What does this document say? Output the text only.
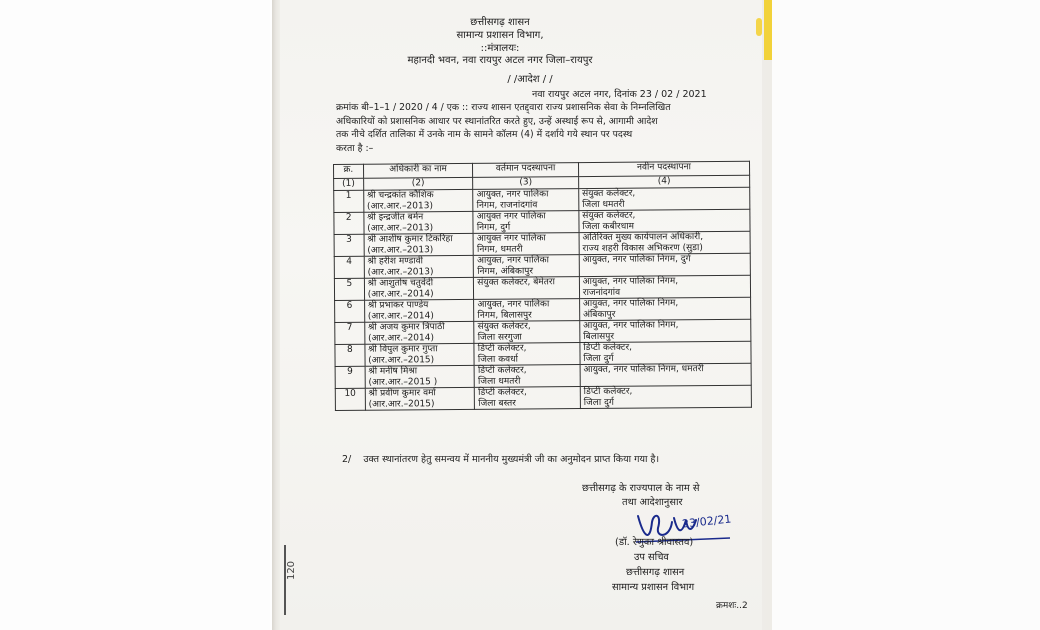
120
छत्तीसगढ़ शासन
सामान्य प्रशासन विभाग,
::मंत्रालयः:
महानदी भवन, नवा रायपुर अटल नगर जिला–रायपुर
/ /आदेश / /
नवा रायपुर अटल नगर, दिनांक 23 / 02 / 2021
क्रमांक बी–1–1 / 2020 / 4 / एक :: राज्य शासन एतद्द्वारा राज्य प्रशासनिक सेवा के निम्नलिखित
अधिकारियों को प्रशासनिक आधार पर स्थानांतरित करते हुए, उन्हें अस्थाई रूप से, आगामी आदेश
तक नीचे दर्शित तालिका में उनके नाम के सामने कॉलम (4) में दर्शाये गये स्थान पर पदस्थ
करता है :–
क्र.	अधिकारी का नाम	वर्तमान पदस्थापना	नवीन पदस्थापना
(1)	(2)	(3)	(4)
1	श्री चन्द्रकांत कौशिक
(आर.आर.–2013)	आयुक्त, नगर पालिका
निगम, राजनांदगांव	संयुक्त कलेक्टर,
जिला धमतरी

2	श्री इन्द्रजीत बर्मन
(आर.आर.–2013)	आयुक्त नगर पालिका
निगम, दुर्ग	संयुक्त कलेक्टर,
जिला कबीरधाम

3	श्री आशीष कुमार टिकरिहा
(आर.आर.–2013)	आयुक्त नगर पालिका
निगम, धमतरी	अतिरिक्त मुख्य कार्यपालन अधिकारी,
राज्य शहरी विकास अभिकरण (सुडा)

4	श्री हरीश मण्डावी
(आर.आर.–2013)	आयुक्त, नगर पालिका
निगम, अंबिकापुर	आयुक्त, नगर पालिका निगम, दुर्ग

5	श्री आशुतोष चतुर्वेदी
(आर.आर.–2014)	संयुक्त कलेक्टर, बेमेतरा	आयुक्त, नगर पालिका निगम,
राजनांदगांव

6	श्री प्रभाकर पाण्डेय
(आर.आर.–2014)	आयुक्त, नगर पालिका
निगम, बिलासपुर	आयुक्त, नगर पालिका निगम,
अंबिकापुर

7	श्री अजय कुमार त्रिपाठी
(आर.आर.–2014)	संयुक्त कलेक्टर,
जिला सरगुजा	आयुक्त, नगर पालिका निगम,
बिलासपुर

8	श्री विपुल कुमार गुप्ता
(आर.आर.–2015)	डिप्टी कलेक्टर,
जिला कवर्धा	डिप्टी कलेक्टर,
जिला दुर्ग

9	श्री मनीष मिश्रा
(आर.आर.–2015 )	डिप्टी कलेक्टर,
जिला धमतरी	आयुक्त, नगर पालिका निगम, धमतरी

10	श्री प्रवीण कुमार वर्मा
(आर.आर.–2015)	डिप्टी कलेक्टर,
जिला बस्तर	डिप्टी कलेक्टर,
जिला दुर्ग
2/ उक्त स्थानांतरण हेतु समन्वय में माननीय मुख्यमंत्री जी का अनुमोदन प्राप्त किया गया है।
छत्तीसगढ़ के राज्यपाल के नाम से
तथा आदेशानुसार
23/02/21
(डॉ. रेणुका श्रीवास्तव)
उप सचिव
छत्तीसगढ़ शासन
सामान्य प्रशासन विभाग
क्रमशः..2
